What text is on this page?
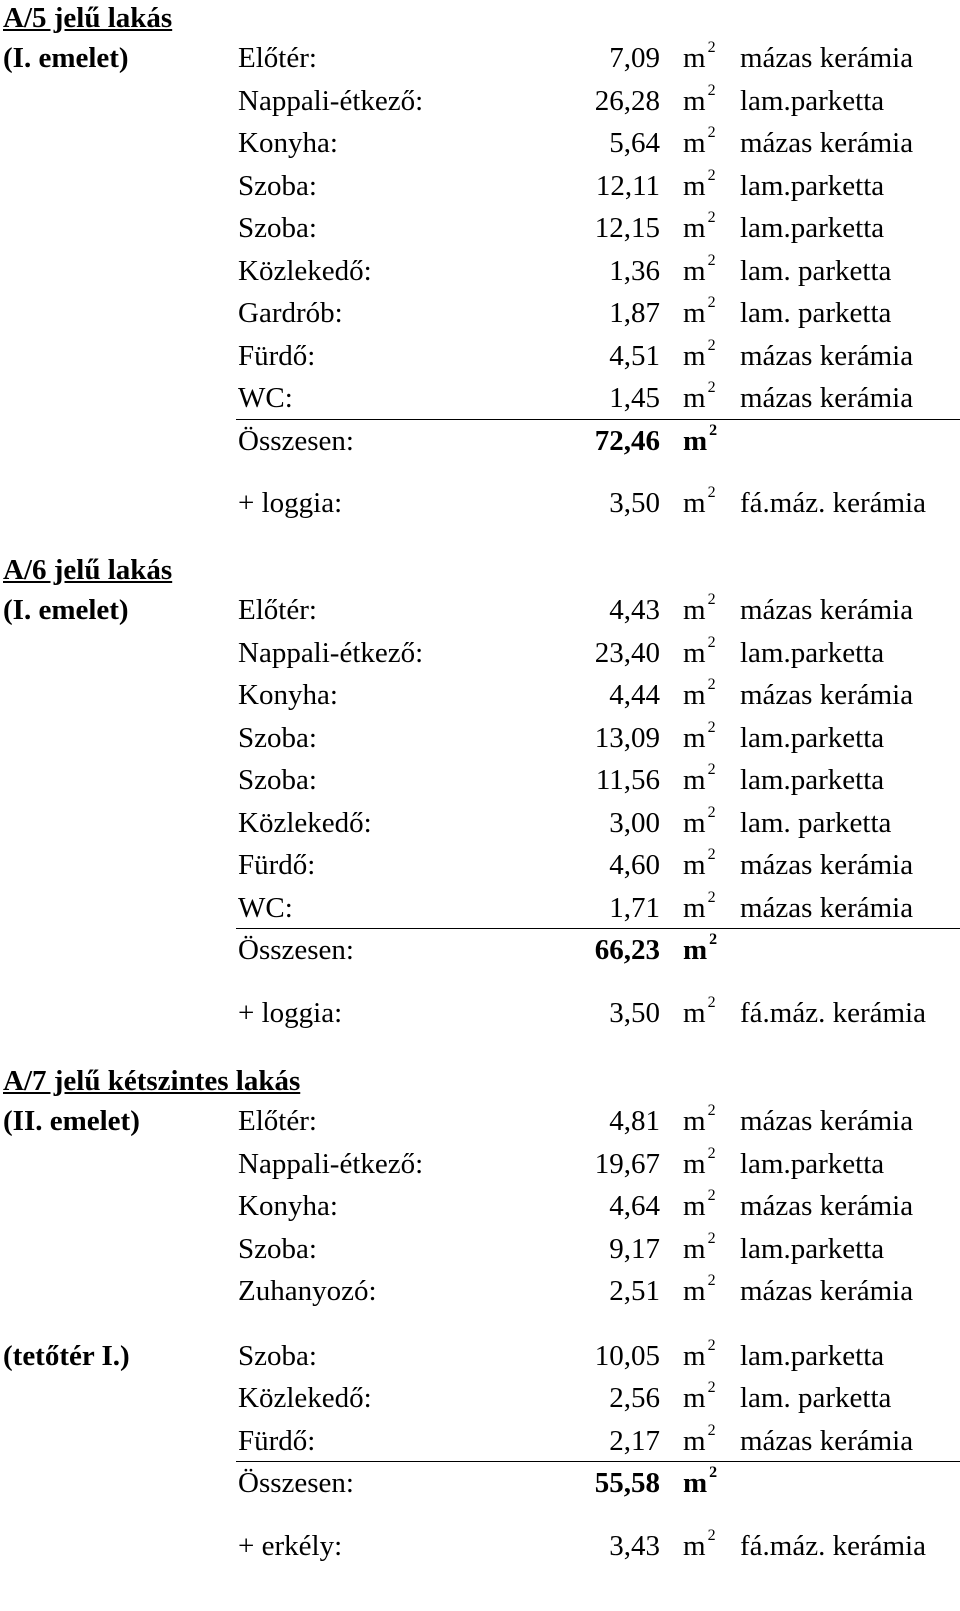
A/5 jelű lakás
(I. emelet)	Előtér:	7,09 m $^2$ mázas kerámia
Nappali-étkező:	26,28 m $^2$ lam.parketta
Konyha:	5,64 m $^2$ mázas kerámia
Szoba:	12,11 m $^2$ lam.parketta
Szoba:	12,15 m $^2$ lam.parketta
Közlekedő:	1,36 m $^2$ lam. parketta
Gardrób:	1,87 m $^2$ lam. parketta
Fürdő:	4,51 m $^2$ mázas kerámia
WC:	1,45 m $^2$ mázas kerámia
Összesen:	72,46 m $^2$
+ loggia:	3,50 m $^2$ fá.máz. kerámia
A/6 jelű lakás
(I. emelet)	Előtér:	4,43 m $^2$ mázas kerámia
Nappali-étkező:	23,40 m $^2$ lam.parketta
Konyha:	4,44 m $^2$ mázas kerámia
Szoba:	13,09 m $^2$ lam.parketta
Szoba:	11,56 m $^2$ lam.parketta
Közlekedő:	3,00 m $^2$ lam. parketta
Fürdő:	4,60 m $^2$ mázas kerámia
WC:	1,71 m $^2$ mázas kerámia
Összesen:	66,23 m $^2$
+ loggia:	3,50 m $^2$ fá.máz. kerámia
A/7 jelű kétszintes lakás
(II. emelet)	Előtér:	4,81 m $^2$ mázas kerámia
Nappali-étkező:	19,67 m $^2$ lam.parketta
Konyha:	4,64 m $^2$ mázas kerámia
Szoba:	9,17 m $^2$ lam.parketta
Zuhanyozó:	2,51 m $^2$ mázas kerámia
(tetőtér I.)	Szoba:	10,05 m $^2$ lam.parketta
Közlekedő:	2,56 m $^2$ lam. parketta
Fürdő:	2,17 m $^2$ mázas kerámia
Összesen:	55,58 m $^2$
+ erkély:	3,43 m $^2$ fá.máz. kerámia
